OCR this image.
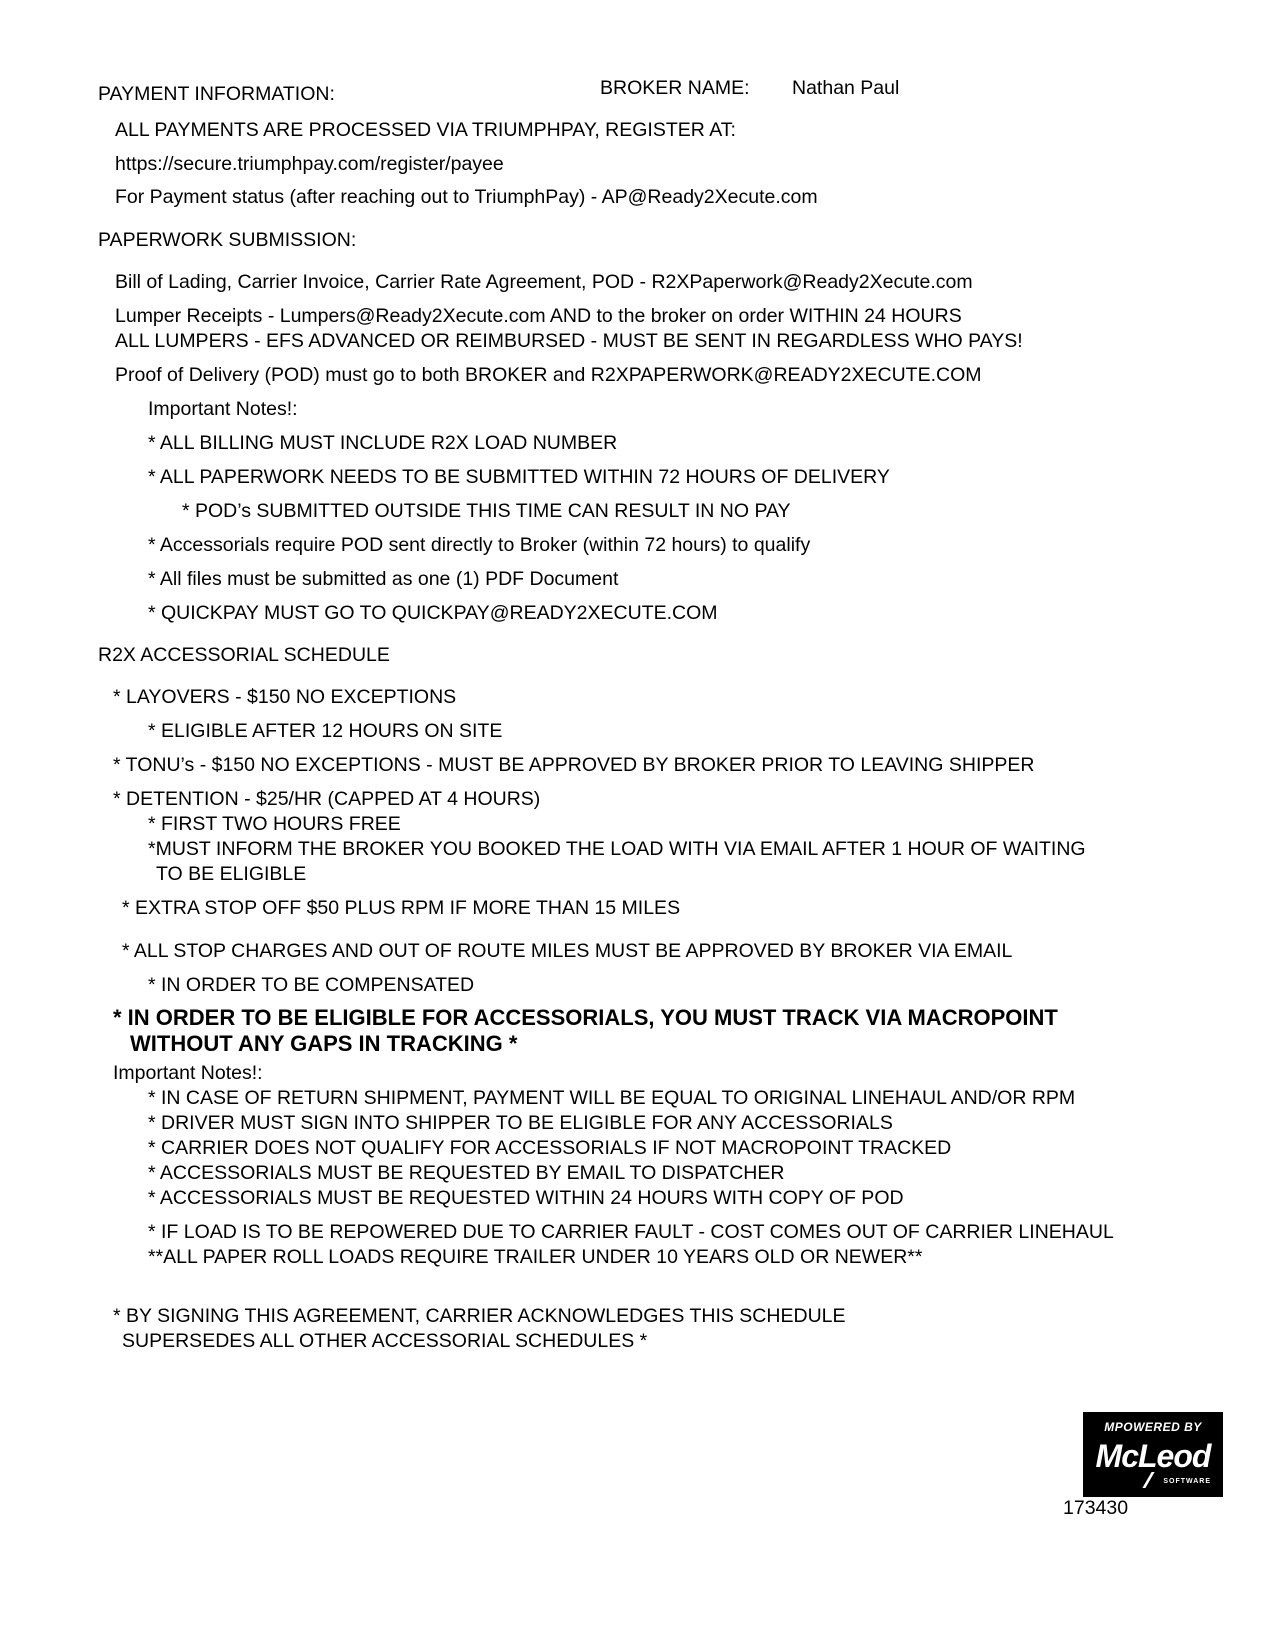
PAYMENT INFORMATION:	BROKER NAME: Nathan Paul
ALL PAYMENTS ARE PROCESSED VIA TRIUMPHPAY, REGISTER AT:
https://secure.triumphpay.com/register/payee
For Payment status (after reaching out to TriumphPay) - AP@Ready2Xecute.com
PAPERWORK SUBMISSION:
Bill of Lading, Carrier Invoice, Carrier Rate Agreement, POD - R2XPaperwork@Ready2Xecute.com
Lumper Receipts - Lumpers@Ready2Xecute.com AND to the broker on order WITHIN 24 HOURS
ALL LUMPERS - EFS ADVANCED OR REIMBURSED - MUST BE SENT IN REGARDLESS WHO PAYS!
Proof of Delivery (POD) must go to both BROKER and R2XPAPERWORK@READY2XECUTE.COM
Important Notes!:
* ALL BILLING MUST INCLUDE R2X LOAD NUMBER
* ALL PAPERWORK NEEDS TO BE SUBMITTED WITHIN 72 HOURS OF DELIVERY
* POD’s SUBMITTED OUTSIDE THIS TIME CAN RESULT IN NO PAY
* Accessorials require POD sent directly to Broker (within 72 hours) to qualify
* All files must be submitted as one (1) PDF Document
* QUICKPAY MUST GO TO QUICKPAY@READY2XECUTE.COM
R2X ACCESSORIAL SCHEDULE
* LAYOVERS - $150 NO EXCEPTIONS
* ELIGIBLE AFTER 12 HOURS ON SITE
* TONU’s - $150 NO EXCEPTIONS - MUST BE APPROVED BY BROKER PRIOR TO LEAVING SHIPPER
* DETENTION - $25/HR (CAPPED AT 4 HOURS)
* FIRST TWO HOURS FREE
*MUST INFORM THE BROKER YOU BOOKED THE LOAD WITH VIA EMAIL AFTER 1 HOUR OF WAITING
TO BE ELIGIBLE
* EXTRA STOP OFF $50 PLUS RPM IF MORE THAN 15 MILES
* ALL STOP CHARGES AND OUT OF ROUTE MILES MUST BE APPROVED BY BROKER VIA EMAIL
* IN ORDER TO BE COMPENSATED
* IN ORDER TO BE ELIGIBLE FOR ACCESSORIALS, YOU MUST TRACK VIA MACROPOINT
WITHOUT ANY GAPS IN TRACKING *
Important Notes!:
* IN CASE OF RETURN SHIPMENT, PAYMENT WILL BE EQUAL TO ORIGINAL LINEHAUL AND/OR RPM
* DRIVER MUST SIGN INTO SHIPPER TO BE ELIGIBLE FOR ANY ACCESSORIALS
* CARRIER DOES NOT QUALIFY FOR ACCESSORIALS IF NOT MACROPOINT TRACKED
* ACCESSORIALS MUST BE REQUESTED BY EMAIL TO DISPATCHER
* ACCESSORIALS MUST BE REQUESTED WITHIN 24 HOURS WITH COPY OF POD
* IF LOAD IS TO BE REPOWERED DUE TO CARRIER FAULT - COST COMES OUT OF CARRIER LINEHAUL
**ALL PAPER ROLL LOADS REQUIRE TRAILER UNDER 10 YEARS OLD OR NEWER**
* BY SIGNING THIS AGREEMENT, CARRIER ACKNOWLEDGES THIS SCHEDULE
SUPERSEDES ALL OTHER ACCESSORIAL SCHEDULES *
MPOWERED BY
McLeod
SOFTWARE
173430
